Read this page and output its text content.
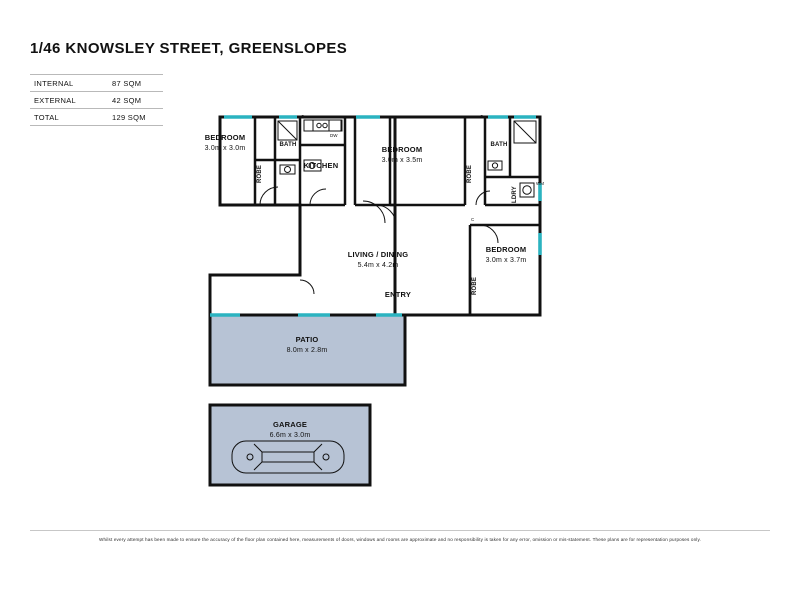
1/46 KNOWSLEY STREET, GREENSLOPES
INTERNAL	87 SQM
EXTERNAL	42 SQM
TOTAL	129 SQM
BEDROOM
3.0m x 3.0m	BEDROOM
3.0m x 3.5m
BEDROOM
3.0m x 3.7m
LIVING / DINING
5.4m x 4.2m
KITCHEN
ENTRY
PATIO
8.0m x 2.8m
GARAGE
6.6m x 3.0m
BATH	BATH
ROBE	ROBE
ROBE
LDRY
C
DW
C
WM
C
Whilst every attempt has been made to ensure the accuracy of the floor plan contained here, measurements of doors, windows and rooms are approximate and no responsibility is taken for any error, omission or mis-statement. These plans are for representation purposes only.
